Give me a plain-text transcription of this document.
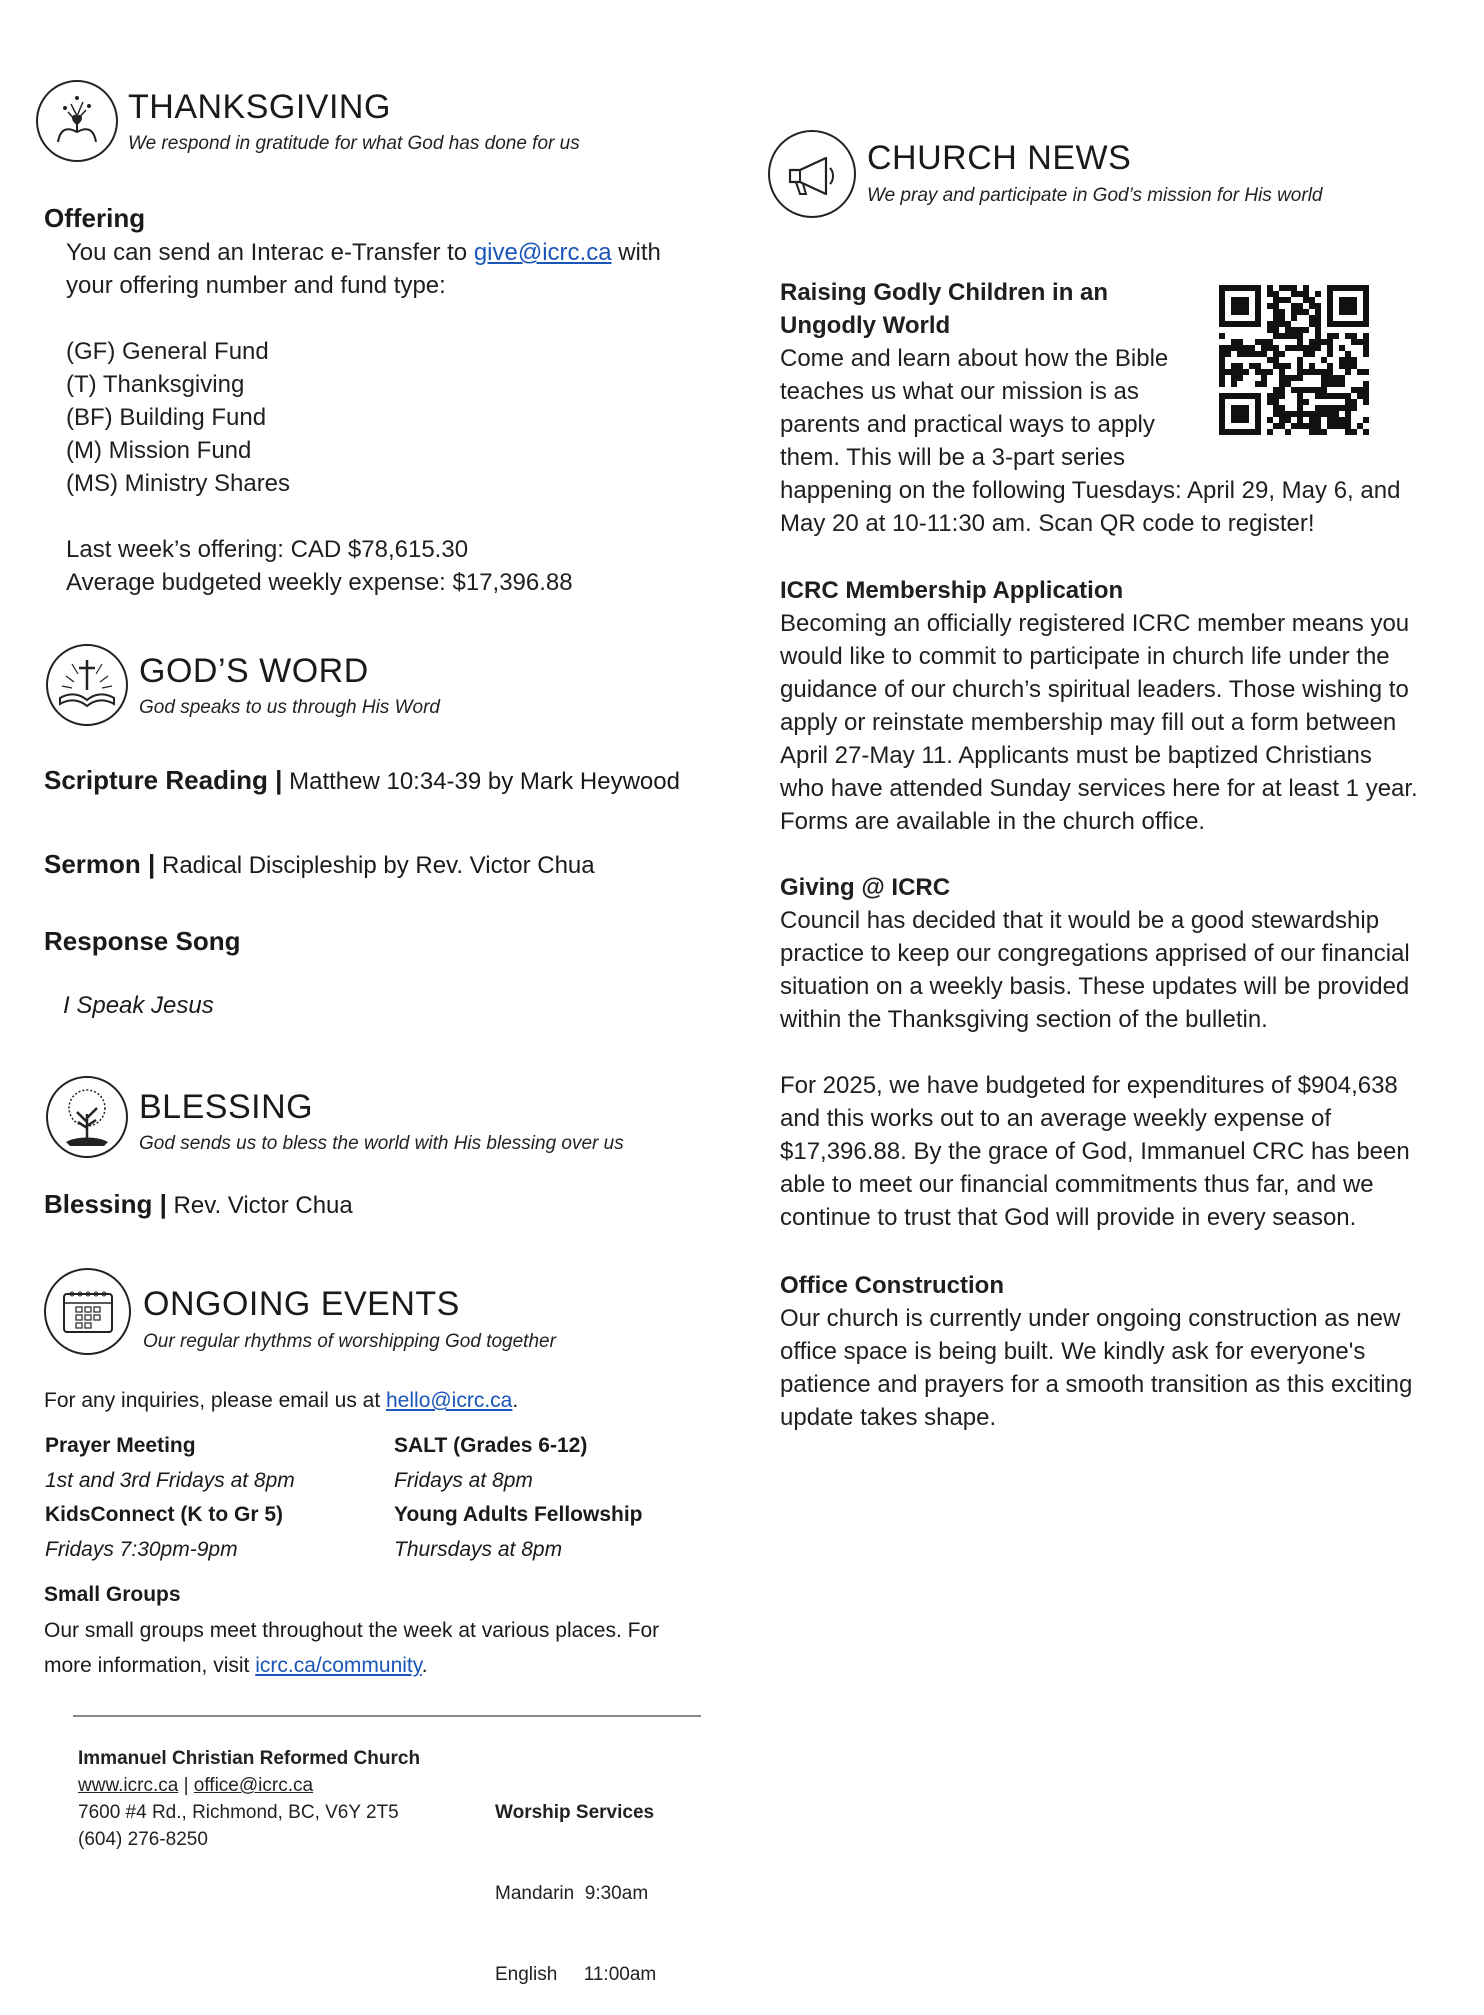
THANKSGIVING
We respond in gratitude for what God has done for us
Offering
You can send an Interac e-Transfer to give@icrc.ca with
your offering number and fund type:
(GF) General Fund
(T) Thanksgiving
(BF) Building Fund
(M) Mission Fund
(MS) Ministry Shares
Last week’s offering: CAD $78,615.30
Average budgeted weekly expense: $17,396.88
GOD’S WORD
God speaks to us through His Word
Scripture Reading | Matthew 10:34-39 by Mark Heywood
Sermon | Radical Discipleship by Rev. Victor Chua
Response Song
I Speak Jesus
BLESSING
God sends us to bless the world with His blessing over us
Blessing | Rev. Victor Chua
ONGOING EVENTS
Our regular rhythms of worshipping God together
For any inquiries, please email us at hello@icrc.ca.
Prayer Meeting
1st and 3rd Fridays at 8pm
SALT (Grades 6-12)
Fridays at 8pm
KidsConnect (K to Gr 5)
Fridays 7:30pm-9pm
Young Adults Fellowship
Thursdays at 8pm
Small Groups
Our small groups meet throughout the week at various places. For
more information, visit icrc.ca/community.
Immanuel Christian Reformed Church
www.icrc.ca | office@icrc.ca
7600 #4 Rd., Richmond, BC, V6Y 2T5
(604) 276-8250

Worship Services

Mandarin  9:30am

English     11:00am

CHURCH NEWS
We pray and participate in God’s mission for His world
Raising Godly Children in an
Ungodly World
Come and learn about how the Bible
teaches us what our mission is as
parents and practical ways to apply
them. This will be a 3-part series
happening on the following Tuesdays: April 29, May 6, and
May 20 at 10-11:30 am. Scan QR code to register!
ICRC Membership Application
Becoming an officially registered ICRC member means you
would like to commit to participate in church life under the
guidance of our church’s spiritual leaders. Those wishing to
apply or reinstate membership may fill out a form between
April 27-May 11. Applicants must be baptized Christians
who have attended Sunday services here for at least 1 year.
Forms are available in the church office.
Giving @ ICRC
Council has decided that it would be a good stewardship
practice to keep our congregations apprised of our financial
situation on a weekly basis. These updates will be provided
within the Thanksgiving section of the bulletin.
For 2025, we have budgeted for expenditures of $904,638
and this works out to an average weekly expense of
$17,396.88. By the grace of God, Immanuel CRC has been
able to meet our financial commitments thus far, and we
continue to trust that God will provide in every season.
Office Construction
Our church is currently under ongoing construction as new
office space is being built. We kindly ask for everyone's
patience and prayers for a smooth transition as this exciting
update takes shape.
